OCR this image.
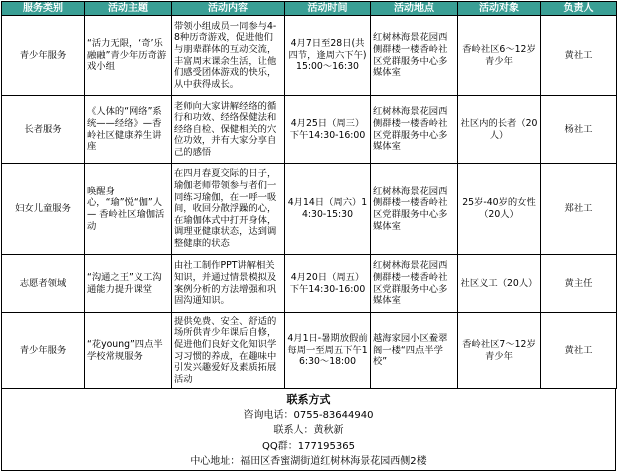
服务类别	活动主题	活动内容	活动时间	活动地点	活动对象	负责人
青少年服务	“活力无限，‘奇’乐融融”青少年历奇游戏小组	带领小组成员一同参与4-8种历奇游戏，促进他们与朋辈群体的互动交流，丰富周末课余生活，让他们感受团体游戏的快乐，从中获得成长。	4月7日至28日(共四节，逢周六下午)15:00～16:30	红树林海景花园西侧群楼一楼香岭社区党群服务中心多媒体室	香岭社区6～12岁青少年	黄社工
长者服务	《人体的“网络”系统——经络》—香岭社区健康养生讲座	老师向大家讲解经络的循行和功效、经络保健法和经络自检、保健相关的穴位功效，并有大家分享自己的感悟	4月25日（周三）下午14:30-16:00	红树林海景花园西侧群楼一楼香岭社区党群服务中心多媒体室	社区内的长者（20人）	杨社工
妇女儿童服务	唤醒身心，“瑜”悦“伽”人 — 香岭社区瑜伽活动	在四月春夏交际的日子，瑜伽老师带领参与者们一同练习瑜伽，在一呼一吸间，收回分散浮躁的心，在瑜伽体式中打开身体，调理亚健康状态，达到调整健康的状态	4月14日（周六）14:30-15:30	红树林海景花园西侧群楼一楼香岭社区党群服务中心多媒体室	25岁-40岁的女性（20人）	郑社工
志愿者领域	“沟通之王”义工沟通能力提升课堂	由社工制作PPT讲解相关知识，并通过情景模拟及案例分析的方法增强和巩固沟通知识。	4月20日（周五）下午14:30-16:00	红树林海景花园西侧群楼一楼香岭社区党群服务中心多媒体室	社区义工（20人）	黄主任
青少年服务	“花young”四点半学校常规服务	提供免费、安全、舒适的场所供青少年课后自修，促进他们良好文化知识学习习惯的养成，在趣味中引发兴趣爱好及素质拓展活动	4月1日-暑期放假前每周一至周五下午16:30～18:00	越海家园小区鲞翠阁一楼“四点半学校”	香岭社区7～12岁青少年	黄社工
联系方式
咨询电话：0755-83644940
联系人：黄秋新
QQ群：177195365
中心地址：福田区香蜜湖街道红树林海景花园西侧2楼
